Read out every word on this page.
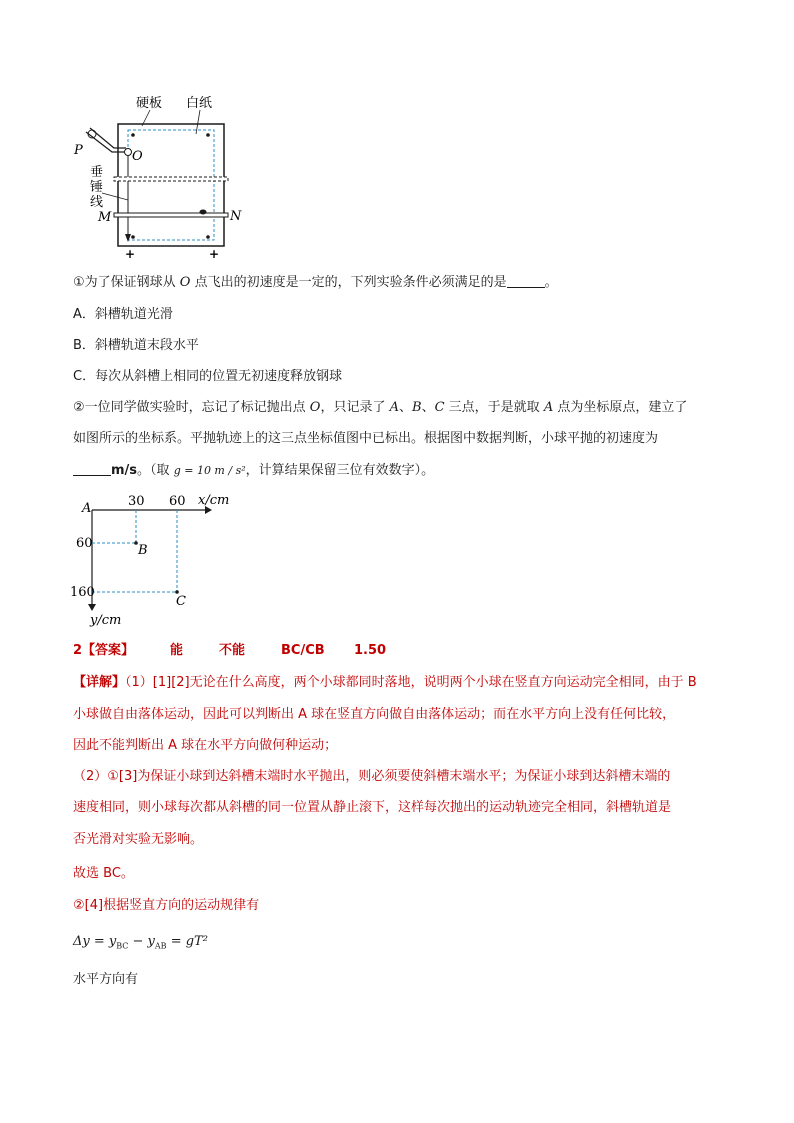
硬板 白纸
P	O
垂
锤
线
M	N
+	+
①为了保证钢球从 O 点飞出的初速度是一定的，下列实验条件必须满足的是	。
A．斜槽轨道光滑
B．斜槽轨道末段水平
C．每次从斜槽上相同的位置无初速度释放钢球
②一位同学做实验时，忘记了标记抛出点 O，只记录了 A、B、C 三点，于是就取 A 点为坐标原点，建立了
如图所示的坐标系。平抛轨迹上的这三点坐标值图中已标出。根据图中数据判断，小球平抛的初速度为
m/s。（取 g = 10 m / s²，计算结果保留三位有效数字）。
A	30 60 x/cm
60
160
y/cm
B
C
2【答案】	能	不能	BC/CB 1.50
【详解】（1）[1][2]无论在什么高度，两个小球都同时落地，说明两个小球在竖直方向运动完全相同，由于 B
小球做自由落体运动，因此可以判断出 A 球在竖直方向做自由落体运动；而在水平方向上没有任何比较，
因此不能判断出 A 球在水平方向做何种运动；
（2）①[3]为保证小球到达斜槽末端时水平抛出，则必须要使斜槽末端水平；为保证小球到达斜槽末端的
速度相同，则小球每次都从斜槽的同一位置从静止滚下，这样每次抛出的运动轨迹完全相同，斜槽轨道是
否光滑对实验无影响。
故选 BC。
②[4]根据竖直方向的运动规律有
$\Delta y = y_{BC} - y_{AB} = gT^2$
水平方向有
